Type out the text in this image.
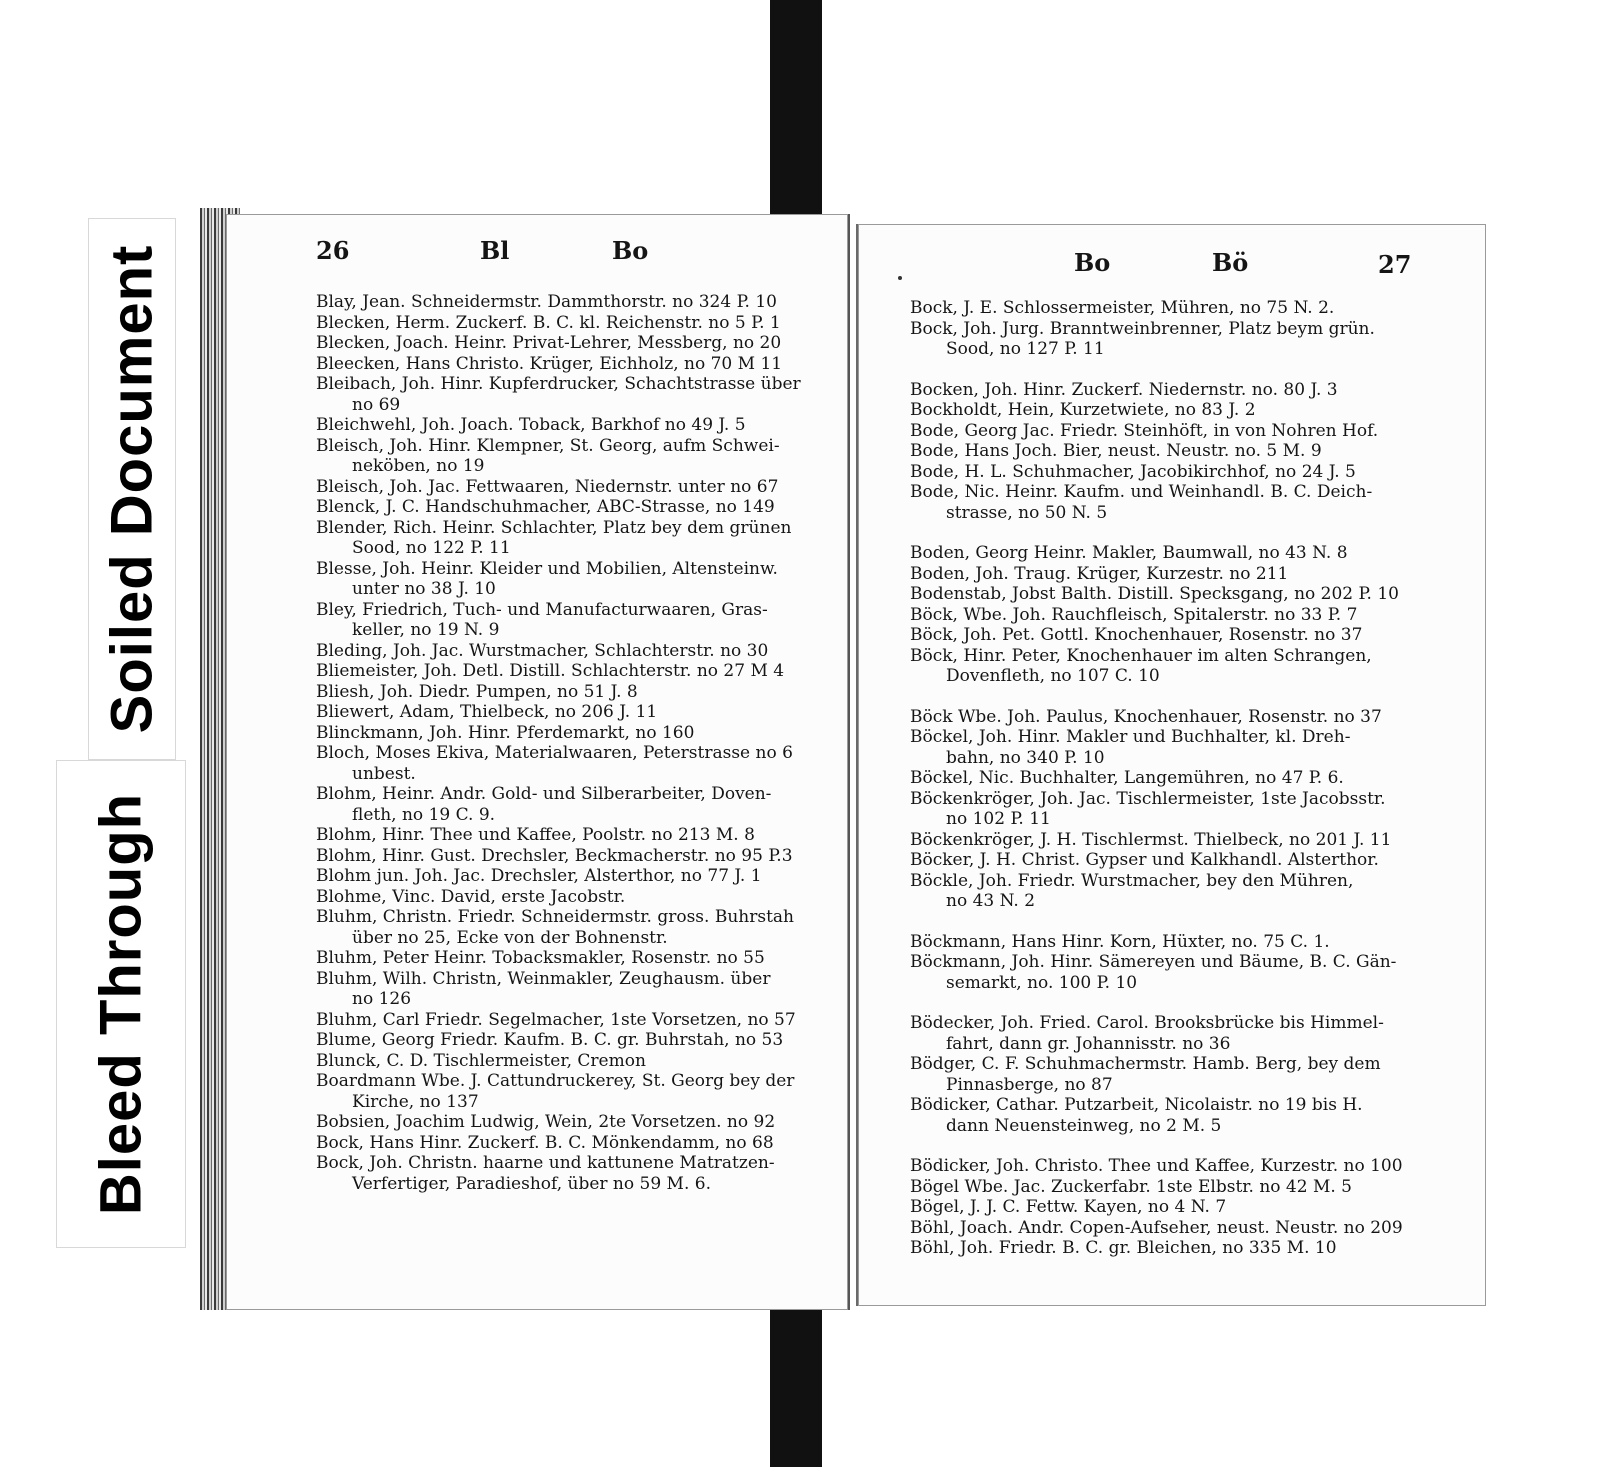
Soiled Document
Bleed Through
26	Bl	Bo	Bo	Bö	27
Blay, Jean. Schneidermstr. Dammthorstr. no 324 P. 10
Blecken, Herm. Zuckerf. B. C. kl. Reichenstr. no 5 P. 1
Blecken, Joach. Heinr. Privat-Lehrer, Messberg, no 20
Bleecken, Hans Christo. Krüger, Eichholz, no 70 M 11
Bleibach, Joh. Hinr. Kupferdrucker, Schachtstrasse über
no 69
Bleichwehl, Joh. Joach. Toback, Barkhof no 49 J. 5
Bleisch, Joh. Hinr. Klempner, St. Georg, aufm Schwei-
neköben, no 19
Bleisch, Joh. Jac. Fettwaaren, Niedernstr. unter no 67
Blenck, J. C. Handschuhmacher, ABC-Strasse, no 149
Blender, Rich. Heinr. Schlachter, Platz bey dem grünen
Sood, no 122 P. 11
Blesse, Joh. Heinr. Kleider und Mobilien, Altensteinw.
unter no 38 J. 10
Bley, Friedrich, Tuch- und Manufacturwaaren, Gras-
keller, no 19 N. 9
Bleding, Joh. Jac. Wurstmacher, Schlachterstr. no 30
Bliemeister, Joh. Detl. Distill. Schlachterstr. no 27 M 4
Bliesh, Joh. Diedr. Pumpen, no 51 J. 8
Bliewert, Adam, Thielbeck, no 206 J. 11
Blinckmann, Joh. Hinr. Pferdemarkt, no 160
Bloch, Moses Ekiva, Materialwaaren, Peterstrasse no 6
unbest.
Blohm, Heinr. Andr. Gold- und Silberarbeiter, Doven-
fleth, no 19 C. 9.
Blohm, Hinr. Thee und Kaffee, Poolstr. no 213 M. 8
Blohm, Hinr. Gust. Drechsler, Beckmacherstr. no 95 P.3
Blohm jun. Joh. Jac. Drechsler, Alsterthor, no 77 J. 1
Blohme, Vinc. David, erste Jacobstr.
Bluhm, Christn. Friedr. Schneidermstr. gross. Buhrstah
über no 25, Ecke von der Bohnenstr.
Bluhm, Peter Heinr. Tobacksmakler, Rosenstr. no 55
Bluhm, Wilh. Christn, Weinmakler, Zeughausm. über
no 126
Bluhm, Carl Friedr. Segelmacher, 1ste Vorsetzen, no 57
Blume, Georg Friedr. Kaufm. B. C. gr. Buhrstah, no 53
Blunck, C. D. Tischlermeister, Cremon
Boardmann Wbe. J. Cattundruckerey, St. Georg bey der
Kirche, no 137
Bobsien, Joachim Ludwig, Wein, 2te Vorsetzen. no 92
Bock, Hans Hinr. Zuckerf. B. C. Mönkendamm, no 68
Bock, Joh. Christn. haarne und kattunene Matratzen-
Verfertiger, Paradieshof, über no 59 M. 6.
Bock, J. E. Schlossermeister, Mühren, no 75 N. 2.
Bock, Joh. Jurg. Branntweinbrenner, Platz beym grün.
Sood, no 127 P. 11
Bocken, Joh. Hinr. Zuckerf. Niedernstr. no. 80 J. 3
Bockholdt, Hein, Kurzetwiete, no 83 J. 2
Bode, Georg Jac. Friedr. Steinhöft, in von Nohren Hof.
Bode, Hans Joch. Bier, neust. Neustr. no. 5 M. 9
Bode, H. L. Schuhmacher, Jacobikirchhof, no 24 J. 5
Bode, Nic. Heinr. Kaufm. und Weinhandl. B. C. Deich-
strasse, no 50 N. 5
Boden, Georg Heinr. Makler, Baumwall, no 43 N. 8
Boden, Joh. Traug. Krüger, Kurzestr. no 211
Bodenstab, Jobst Balth. Distill. Specksgang, no 202 P. 10
Böck, Wbe. Joh. Rauchfleisch, Spitalerstr. no 33 P. 7
Böck, Joh. Pet. Gottl. Knochenhauer, Rosenstr. no 37
Böck, Hinr. Peter, Knochenhauer im alten Schrangen,
Dovenfleth, no 107 C. 10
Böck Wbe. Joh. Paulus, Knochenhauer, Rosenstr. no 37
Böckel, Joh. Hinr. Makler und Buchhalter, kl. Dreh-
bahn, no 340 P. 10
Böckel, Nic. Buchhalter, Langemühren, no 47 P. 6.
Böckenkröger, Joh. Jac. Tischlermeister, 1ste Jacobsstr.
no 102 P. 11
Böckenkröger, J. H. Tischlermst. Thielbeck, no 201 J. 11
Böcker, J. H. Christ. Gypser und Kalkhandl. Alsterthor.
Böckle, Joh. Friedr. Wurstmacher, bey den Mühren,
no 43 N. 2
Böckmann, Hans Hinr. Korn, Hüxter, no. 75 C. 1.
Böckmann, Joh. Hinr. Sämereyen und Bäume, B. C. Gän-
semarkt, no. 100 P. 10
Bödecker, Joh. Fried. Carol. Brooksbrücke bis Himmel-
fahrt, dann gr. Johannisstr. no 36
Bödger, C. F. Schuhmachermstr. Hamb. Berg, bey dem
Pinnasberge, no 87
Bödicker, Cathar. Putzarbeit, Nicolaistr. no 19 bis H.
dann Neuensteinweg, no 2 M. 5
Bödicker, Joh. Christo. Thee und Kaffee, Kurzestr. no 100
Bögel Wbe. Jac. Zuckerfabr. 1ste Elbstr. no 42 M. 5
Bögel, J. J. C. Fettw. Kayen, no 4 N. 7
Böhl, Joach. Andr. Copen-Aufseher, neust. Neustr. no 209
Böhl, Joh. Friedr. B. C. gr. Bleichen, no 335 M. 10
